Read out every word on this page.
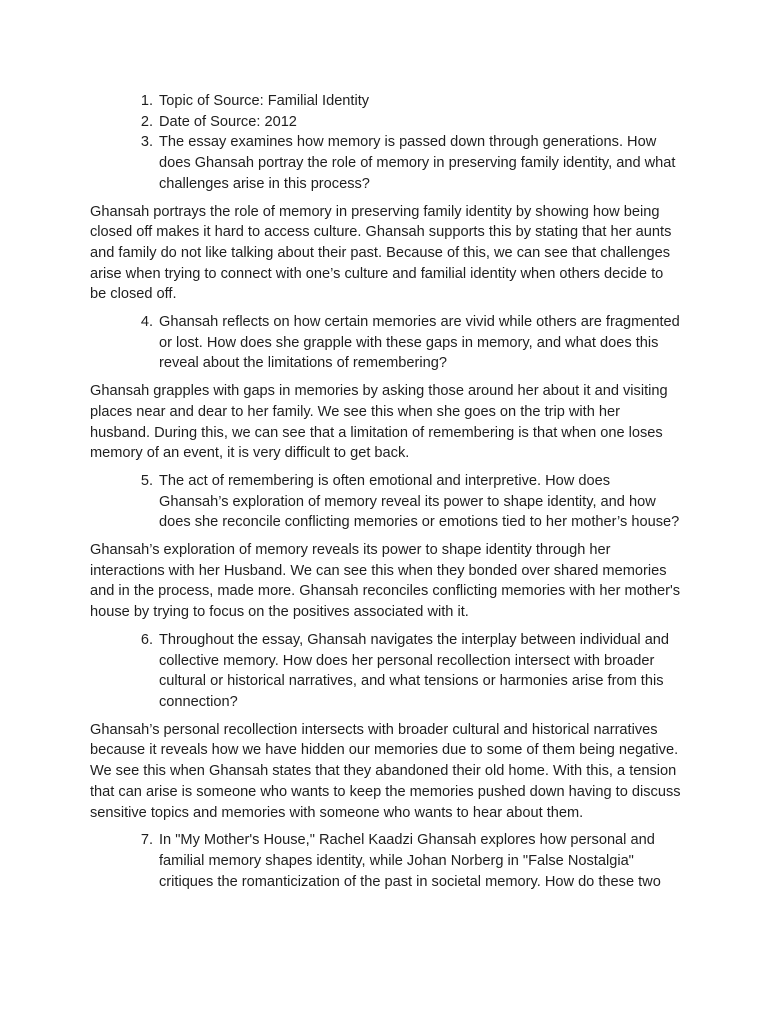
1. Topic of Source: Familial Identity
2. Date of Source: 2012
3. The essay examines how memory is passed down through generations. How does Ghansah portray the role of memory in preserving family identity, and what challenges arise in this process?

Ghansah portrays the role of memory in preserving family identity by showing how being closed off makes it hard to access culture. Ghansah supports this by stating that her aunts and family do not like talking about their past. Because of this, we can see that challenges arise when trying to connect with one’s culture and familial identity when others decide to be closed off.

4. Ghansah reflects on how certain memories are vivid while others are fragmented or lost. How does she grapple with these gaps in memory, and what does this reveal about the limitations of remembering?

Ghansah grapples with gaps in memories by asking those around her about it and visiting places near and dear to her family. We see this when she goes on the trip with her husband. During this, we can see that a limitation of remembering is that when one loses memory of an event, it is very difficult to get back.

5. The act of remembering is often emotional and interpretive. How does Ghansah’s exploration of memory reveal its power to shape identity, and how does she reconcile conflicting memories or emotions tied to her mother’s house?

Ghansah’s exploration of memory reveals its power to shape identity through her interactions with her Husband. We can see this when they bonded over shared memories and in the process, made more. Ghansah reconciles conflicting memories with her mother's house by trying to focus on the positives associated with it.

6. Throughout the essay, Ghansah navigates the interplay between individual and collective memory. How does her personal recollection intersect with broader cultural or historical narratives, and what tensions or harmonies arise from this connection?

Ghansah’s personal recollection intersects with broader cultural and historical narratives because it reveals how we have hidden our memories due to some of them being negative. We see this when Ghansah states that they abandoned their old home. With this, a tension that can arise is someone who wants to keep the memories pushed down having to discuss sensitive topics and memories with someone who wants to hear about them.

7. In "My Mother's House," Rachel Kaadzi Ghansah explores how personal and familial memory shapes identity, while Johan Norberg in "False Nostalgia" critiques the romanticization of the past in societal memory. How do these two
